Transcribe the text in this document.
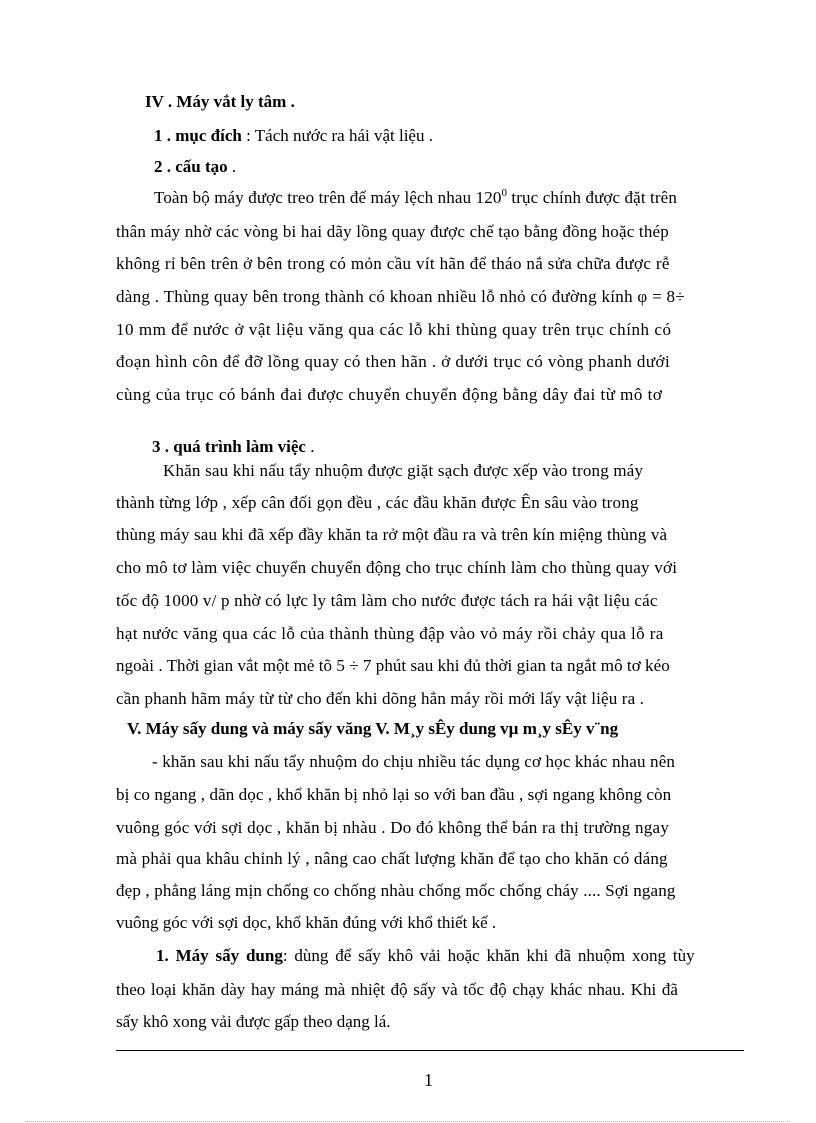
IV . Máy vắt ly tâm .
1 . mục đích : Tách nước ra hái vật liệu .
2 . cấu tạo .
Toàn bộ máy được treo trên đế máy lệch nhau $120^0$ trục chính được đặt trên
thân máy nhờ các vòng bi hai dãy lồng quay được chế tạo bằng đồng hoặc thép
không rỉ bên trên ở bên trong có mỏn cầu vít hãn để tháo nắ sửa chữa được rễ
dàng . Thùng quay bên trong thành có khoan nhiều lỗ nhỏ có đường kính φ = 8÷
10 mm để nước ở vật liệu văng qua các lỗ khi thùng quay trên trục chính có
đoạn hình côn để đỡ lồng quay có then hãn . ở dưới trục có vòng phanh dưới
cùng của trục có bánh đai được chuyển chuyển động bằng dây đai từ mô tơ
3 . quá trình làm việc .
Khăn sau khi nấu tẩy nhuộm được giặt sạch được xếp vào trong máy
thành từng lớp , xếp cân đối gọn đều , các đầu khăn được Ên sâu vào trong
thùng máy sau khi đã xếp đầy khăn ta rở một đầu ra và trên kín miệng thùng và
cho mô tơ làm việc chuyển chuyển động cho trục chính làm cho thùng quay với
tốc độ 1000 v/ p nhờ có lực ly tâm làm cho nước được tách ra hái vật liệu các
hạt nước văng qua các lỗ của thành thùng đập vào vỏ máy rồi chảy qua lỗ ra
ngoài . Thời gian vắt một mẻ tõ 5 ÷ 7 phút sau khi đủ thời gian ta ngắt mô tơ kéo
cần phanh hãm máy từ từ cho đến khi dõng hẳn máy rồi mới lấy vật liệu ra .
V. Máy sấy dung và máy sấy văng V. M¸y sÊy dung vµ m¸y sÊy v¨ng
- khăn sau khi nấu tẩy nhuộm do chịu nhiều tác dụng cơ học khác nhau nên
bị co ngang , dãn dọc , khổ khăn bị nhỏ lại so với ban đầu , sợi ngang không còn
vuông góc với sợi dọc , khăn bị nhàu . Do đó không thể bán ra thị trường ngay
mà phải qua khâu chỉnh lý , nâng cao chất lượng khăn để tạo cho khăn có dáng
đẹp , phẳng láng mịn chống co chống nhàu chống mốc chống cháy .... Sợi ngang
vuông góc với sợi dọc, khổ khăn đúng với khổ thiết kế .
1. Máy sấy dung: dùng để sấy khô vải hoặc khăn khi đã nhuộm xong tùy
theo loại khăn dày hay máng mà nhiệt độ sấy và tốc độ chạy khác nhau. Khi đã
sấy khô xong vải được gấp theo dạng lá.
1
